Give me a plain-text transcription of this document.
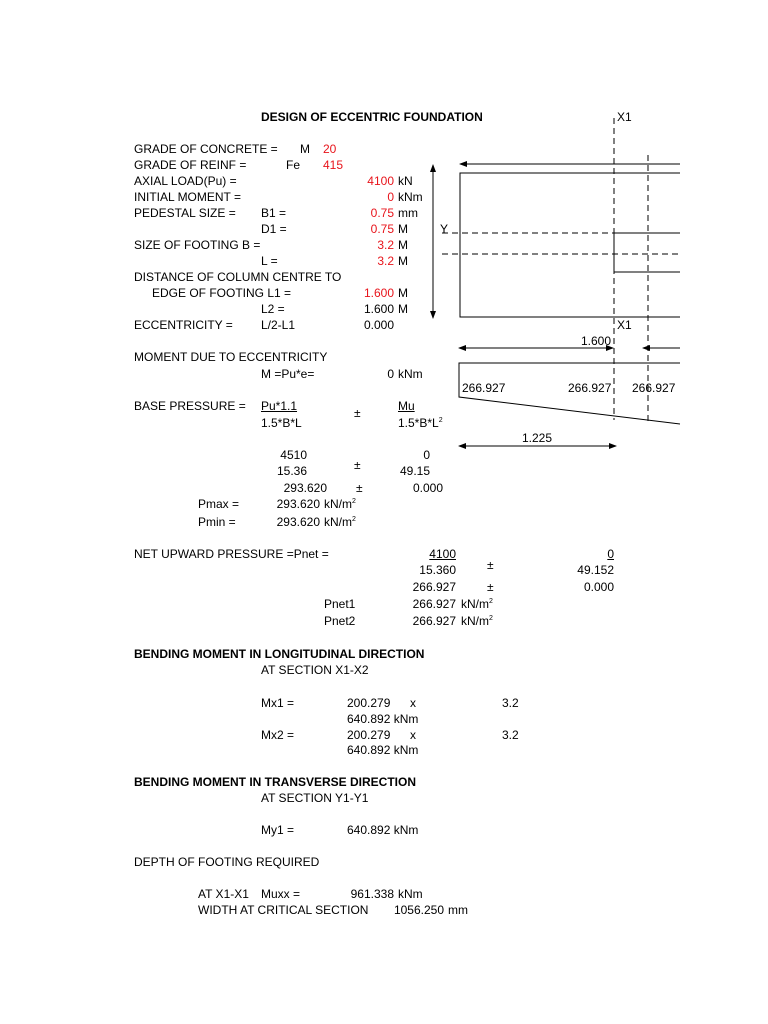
DESIGN OF ECCENTRIC FOUNDATION
GRADE OF CONCRETE = M 20
GRADE OF REINF =	Fe 415
AXIAL LOAD(Pu) =	4100 kN
INITIAL MOMENT =	0 kNm
PEDESTAL SIZE = B1 =	0.75 mm
D1 =	0.75 M
SIZE OF FOOTING B =	3.2 M
L =	3.2 M
DISTANCE OF COLUMN CENTRE TO
EDGE OF FOOTING L1 =	1.600 M
L2 =	1.600 M
ECCENTRICITY = L/2-L1	0.000
MOMENT DUE TO ECCENTRICITY
M =Pu*e=	0 kNm
BASE PRESSURE = Pu*1.1
1.5*B*L
±	Mu
$1.5*B*L^2$
4510	0
15.36	±	49.15
293.620 ±	0.000
Pmax =	293.620 $kN/m^2$
Pmin =	293.620 $kN/m^2$
NET UPWARD PRESSURE =Pnet =	4100	0
15.360	±	49.152
266.927	±	0.000
Pnet1	266.927 $kN/m^2$
Pnet2	266.927 $kN/m^2$
BENDING MOMENT IN LONGITUDINAL DIRECTION
AT SECTION X1-X2
Mx1 =	200.279 x	3.2
640.892 kNm
Mx2 =	200.279 x	3.2
640.892 kNm
BENDING MOMENT IN TRANSVERSE DIRECTION
AT SECTION Y1-Y1
My1 =	640.892 kNm
DEPTH OF FOOTING REQUIRED
AT X1-X1 Muxx =	961.338 kNm
WIDTH AT CRITICAL SECTION	1056.250 mm
X1
X1
Y
1.600
266.927	266.927 266.927
1.225
